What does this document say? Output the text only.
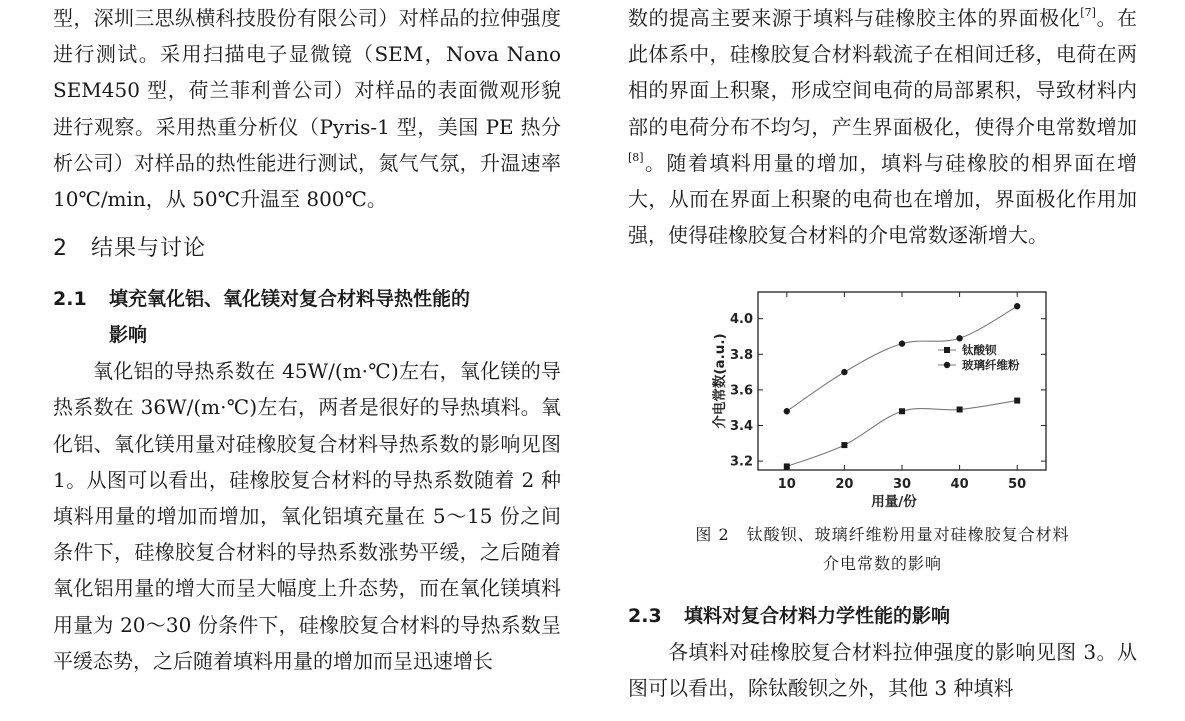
型，深圳三思纵横科技股份有限公司）对样品的拉伸强度进行测试。采用扫描电子显微镜（SEM，Nova Nano SEM450 型，荷兰菲利普公司）对样品的表面微观形貌进行观察。采用热重分析仪（Pyris-1 型，美国 PE 热分析公司）对样品的热性能进行测试，氮气气氛，升温速率 10℃/min，从 50℃升温至 800℃。

2　结果与讨论
2.1 填充氧化铝、氧化镁对复合材料导热性能的
影响

氧化铝的导热系数在 45W/(m·℃)左右，氧化镁的导热系数在 36W/(m·℃)左右，两者是很好的导热填料。氧化铝、氧化镁用量对硅橡胶复合材料导热系数的影响见图 1。从图可以看出，硅橡胶复合材料的导热系数随着 2 种填料用量的增加而增加，氧化铝填充量在 5～15 份之间条件下，硅橡胶复合材料的导热系数涨势平缓，之后随着氧化铝用量的增大而呈大幅度上升态势，而在氧化镁填料用量为 20～30 份条件下，硅橡胶复合材料的导热系数呈平缓态势，之后随着填料用量的增加而呈迅速增长

数的提高主要来源于填料与硅橡胶主体的界面极化[7]。在此体系中，硅橡胶复合材料载流子在相间迁移，电荷在两相的界面上积聚，形成空间电荷的局部累积，导致材料内部的电荷分布不均匀，产生界面极化，使得介电常数增加[8]。随着填料用量的增加，填料与硅橡胶的相界面在增大，从而在界面上积聚的电荷也在增加，界面极化作用加强，使得硅橡胶复合材料的介电常数逐渐增大。

10	20	30	40	50
3.2
3.4
3.6
3.8
4.0
用量/份
介电常数(a.u.)	钛酸钡
玻璃纤维粉
图 2　钛酸钡、玻璃纤维粉用量对硅橡胶复合材料
介电常数的影响
2.3 填料对复合材料力学性能的影响

各填料对硅橡胶复合材料拉伸强度的影响见图 3。从图可以看出，除钛酸钡之外，其他 3 种填料
